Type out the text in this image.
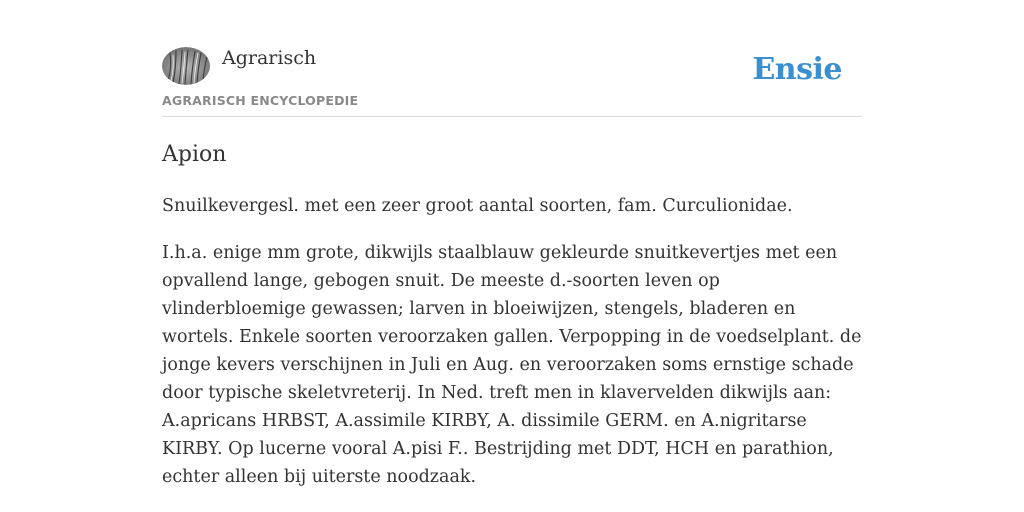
Agrarisch
AGRARISCH ENCYCLOPEDIE
Ensie
Apion

Snuilkevergesl. met een zeer groot aantal soorten, fam. Curculionidae.

I.h.a. enige mm grote, dikwijls staalblauw gekleurde snuitkevertjes met een opvallend lange, gebogen snuit. De meeste d.-soorten leven op vlinderbloemige gewassen; larven in bloeiwijzen, stengels, bladeren en wortels. Enkele soorten veroorzaken gallen. Verpopping in de voedselplant. de jonge kevers verschijnen in Juli en Aug. en veroorzaken soms ernstige schade door typische skeletvreterij. In Ned. treft men in klavervelden dikwijls aan: A.apricans HRBST, A.assimile KIRBY, A. dissimile GERM. en A.nigritarse KIRBY. Op lucerne vooral A.pisi F.. Bestrijding met DDT, HCH en parathion, echter alleen bij uiterste noodzaak.
